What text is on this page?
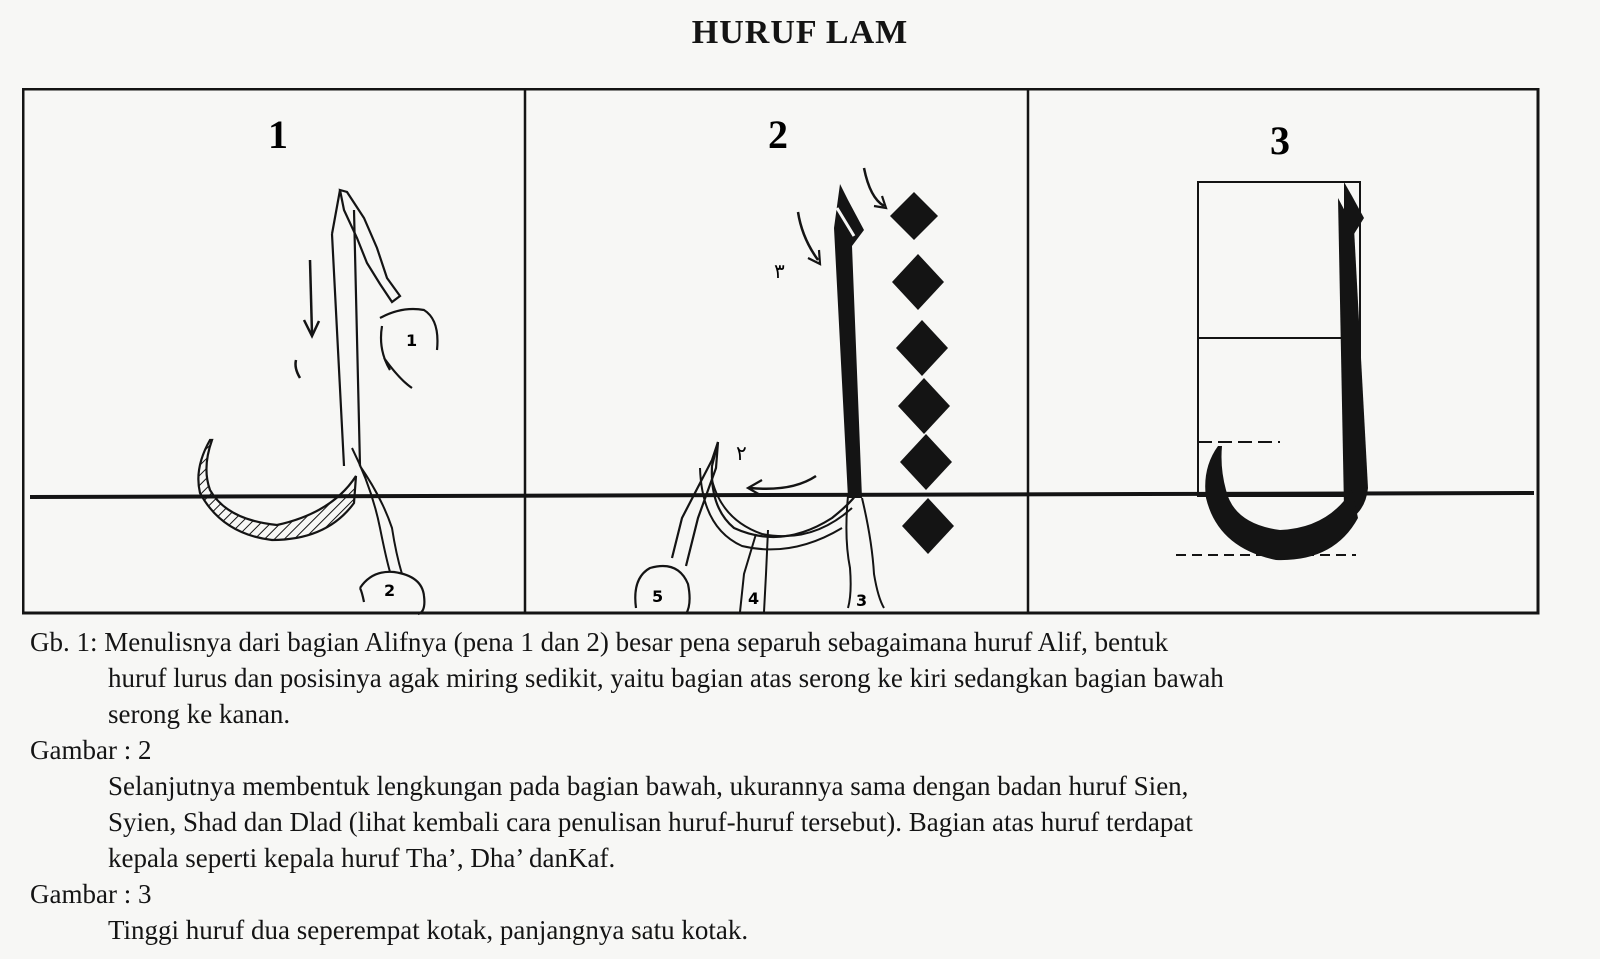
HURUF LAM
1	2	3
1
2
٣
5	4	3
٢
Gb. 1: Menulisnya dari bagian Alifnya (pena 1 dan 2) besar pena separuh sebagaimana huruf Alif, bentuk
huruf lurus dan posisinya agak miring sedikit, yaitu bagian atas serong ke kiri sedangkan bagian bawah
serong ke kanan.
Gambar : 2
Selanjutnya membentuk lengkungan pada bagian bawah, ukurannya sama dengan badan huruf Sien,
Syien, Shad dan Dlad (lihat kembali cara penulisan huruf-huruf tersebut). Bagian atas huruf terdapat
kepala seperti kepala huruf Tha’, Dha’ danKaf.
Gambar : 3
Tinggi huruf dua seperempat kotak, panjangnya satu kotak.
